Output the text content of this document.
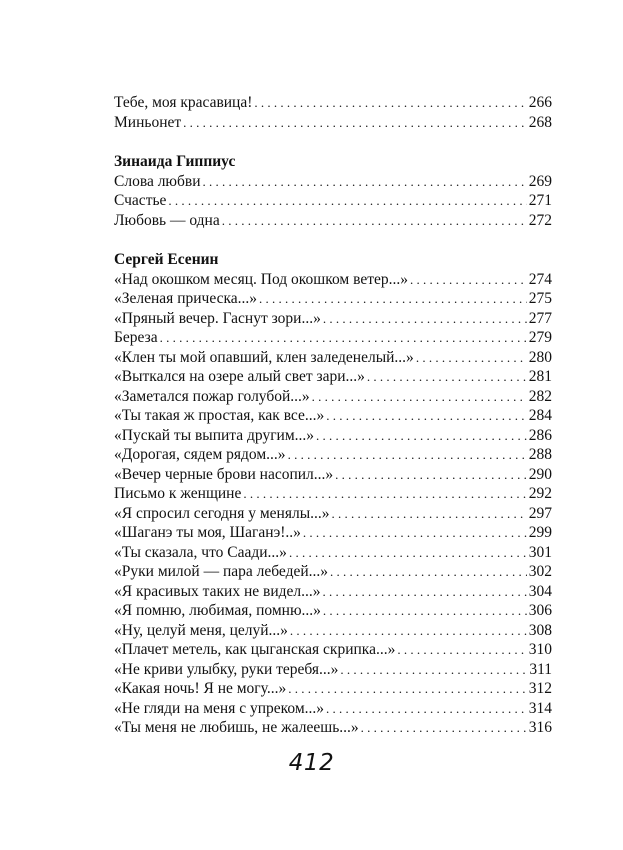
Тебе, моя красавица! . . .	266
Миньонет . . .	268
Зинаида Гиппиус
Слова любви . . .	269
Счастье . . .	271
Любовь — одна . . .	272
Сергей Есенин
«Над окошком месяц. Под окошком ветер...» . . .	274
«Зеленая прическа...» . . .	275
«Пряный вечер. Гаснут зори...» . . .	277
Береза . . .	279
«Клен ты мой опавший, клен заледенелый...» . . .	280
«Выткался на озере алый свет зари...» . . .	281
«Заметался пожар голубой...» . . .	282
«Ты такая ж простая, как все...» . . .	284
«Пускай ты выпита другим...» . . .	286
«Дорогая, сядем рядом...» . . .	288
«Вечер черные брови насопил...» . . .	290
Письмо к женщине . . .	292
«Я спросил сегодня у менялы...» . . .	297
«Шаганэ ты моя, Шаганэ!..» . . .	299
«Ты сказала, что Саади...» . . .	301
«Руки милой — пара лебедей...» . . .	302
«Я красивых таких не видел...» . . .	304
«Я помню, любимая, помню...» . . .	306
«Ну, целуй меня, целуй...» . . .	308
«Плачет метель, как цыганская скрипка...» . . .	310
«Не криви улыбку, руки теребя...» . . .	311
«Какая ночь! Я не могу...» . . .	312
«Не гляди на меня с упреком...» . . .	314
«Ты меня не любишь, не жалеешь...» . . .	316
412
